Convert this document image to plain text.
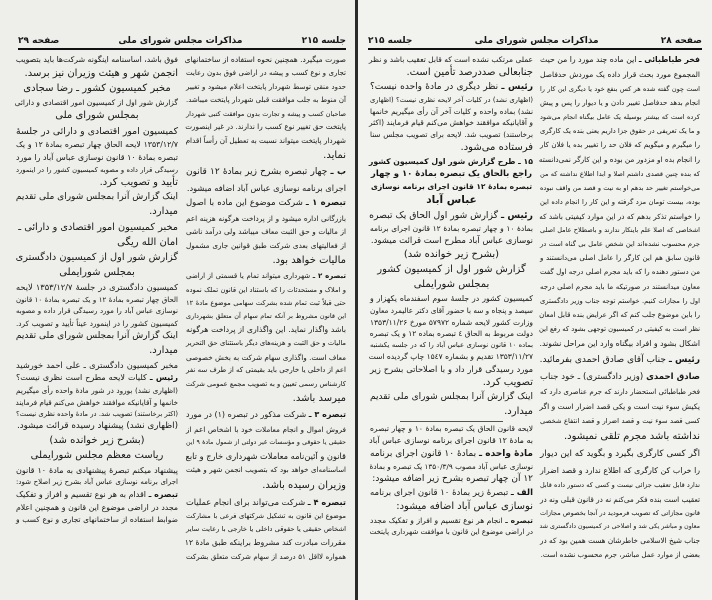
جلسه ۲۱۵
مذاکرات مجلس شورای ملی
صفحه ۲۹
صورت میگیرد. همچنین نحوه استفاده از ساختمانهای
تجاری و نوع کسب و پیشه در اراضی فوق بدون رعایت
حدود منقی توسط شهردار پایتخت اعلام میشود و تغییر
آن منوط به جلب موافقت قبلی شهردار پایتخت میباشد.
صاحبان کسب و پیشه و تجارت بدون موافقت کتبی شهردار
پایتخت حق تغییر نوع کسب را ندارند. در غیر اینصورت
شهردار پایتخت میتواند نسبت به تعطیل آن رأساً اقدام
نماید.
ب ـ چهار تبصره بشرح زیر بمادهٔ ۱۲ قانون
اجرای برنامه نوسازی عباس آباد اضافه میشود.
تبصره ۱ ـ شرکت موضوع این ماده با اصول
بازرگانی اداره میشود و از پرداخت هرگونه هزینه اعم
از مالیات و حق الثبت معاف میباشد ولی درآمد ناشی
از فعالیتهای بعدی شرکت طبق قوانین جاری مشمول
مالیات خواهد بود.
تبصره ۲ ـ شهرداری میتواند تمام یا قسمتی از اراضی
و املاک و مستحدثات را که باستناد این قانون تملک نموده
حتی قبلاً ثبت تمام شده بشرکت سهامی موضوع مادهٔ ۱۲
این قانون مشروط بر آنکه تمام سهام آن متعلق بشهرداری
باشد واگذار نماید. این واگذاری از پرداخت هرگونه
مالیات و حق الثبت و هزینه‌های دیگر باستثنای حق التحریر
معاف است. واگذاری سهام شرکت به بخش خصوصی
اعم از داخلی یا خارجی باید بقیمتی که از طرف سه نفر
کارشناس رسمی تعیین و به تصویب مجمع عمومی شرکت
میرسد باشد.
تبصره ۳ ـ شرکت مذکور در تبصره (۱) در مورد
فروش اموال و انجام معاملات خود با اشخاص اعم از
حقیقی یا حقوقی و مؤسسات غیر دولتی از شمول مادهٔ ۹ این
قانون و آئین‌نامه معاملات شهرداری خارج و تابع
اساسنامه‌ای خواهد بود که بتصویب انجمن شهر و هیئت
وزیران رسیده باشد.
تبصره ۴ ـ شرکت می‌تواند برای انجام عملیات
موضوع این قانون به تشکیل شرکتهای فرعی با مشارکت
اشخاص حقیقی یا حقوقی داخلی یا خارجی با رعایت سایر
مقررات مبادرت کند مشروط براینکه طبق مادهٔ ۱۲
همواره لااقل ۵۱ درصد از سهام شرکت متعلق بشرکت
فوق باشد، اساسنامه اینگونه شرکت‌ها باید بتصویب
انجمن شهر و هیئت وزیران نیز برسد.
مخبر کمیسیون کشور ـ رضا سجادی
گزارش شور اول از کمیسیون امور اقتصادی و دارائی
بمجلس شورای ملی
کمیسیون امور اقتصادی و دارائی در جلسهٔ
۱۳۵۳/۱۲/۷ لایحه الحاق چهار تبصره بمادهٔ ۱۲ و یک
تبصره بمادهٔ ۱۰ قانون نوسازی عباس آباد را مورد
رسیدگی قرار داده و مصوبه کمیسیون کشور را در اینمورد
تأیید و تصویب کرد.
اینک گزارش آنرا بمجلس شورای ملی تقدیم
میدارد.
مخبر کمیسیون امور اقتصادی و دارائی ـ
امان الله ریگی
گزارش شور اول از کمیسیون دادگستری
بمجلس شورایملی
کمیسیون دادگستری در جلسهٔ ۱۳۵۳/۱۲/۷ لایحه
الحاق چهار تبصره بمادهٔ ۱۲ و یک تبصره بمادهٔ ۱۰ قانون
نوسازی عباس آباد را مورد رسیدگی قرار داده و مصوبه
کمیسیون کشور را در اینمورد عیناً تأیید و تصویب کرد.
اینک گزارش آنرا بمجلس شورای ملی تقدیم
میدارد.
مخبر کمیسیون دادگستری ـ علی احمد خورشید
رئیس ـ کلیات لایحه مطرح است نظری نیست؟
(اظهاری نشد) بورود در شور مادهٔ واحده رأی میگیریم
خانمها و آقایانیکه موافقند خواهش می‌کنم قیام فرمایند
(اکثر برخاستند) تصویب شد. در مادهٔ واحده نظری نیست؟
(اظهاری نشد) پیشنهاد رسیده قرائت میشود.
(بشرح زیر خوانده شد)
ریاست معظم مجلس شورایملی
پیشنهاد میکنم تبصرهٔ پیشنهادی به مادهٔ ۱۰ قانون
اجرای برنامه نوسازی عباس آباد بشرح زیر اصلاح شود:
تبصره ـ اقدام به هر نوع تقسیم و افراز و تفکیک
مجدد در اراضی موضوع این قانون و همچنین اعلام
ضوابط استفاده از ساختمانهای تجاری و نوع کسب و
صفحه ۲۸
مذاکرات مجلس شورای ملی
جلسه ۲۱۵
فخر طباطبائی ـ این ماده چند مورد را من حیث
المجموع مورد بحث قرار داده یک موردش حدفاصل
است چون گفته شده هر کس بنفع خود یا دیگری این کار را
انجام بدهد حدفاصل تغییر دادن و یا دیوار را پس و پیش
کرده است که بیشتر بوسیله یک عامل بیگناه انجام می‌شود
و ما یک تعریفی در حقوق جزا داریم یعنی بنده یک کارگری
را میگیرم و میگویم که فلان حد را تغییر بده یا فلان کار
را انجام بده او مزدور من بوده و این کارگر نمی‌دانسته
که بنده چنین قصدی داشتم اصلا و ابدا اطلاع نداشته که من
می‌خواستم تغییر حد بدهم او به نیت و قصد من واقف نبوده
بوده، بیست تومان مزد گرفته و این کار را انجام داده این
را خواستم تذکر بدهم که در این موارد کیفیتی باشد که
اشخاصی که اصلا علم باینکار ندارند و باصطلاح عامل اصلی
جرم محسوب نشده‌اند این شخص عامل بی گناه است در
قانون سابق هم این کارگر را عامل اصلی می‌دانستند و
من دستور دهنده را که باید مجرم اصلی درجه اول گفت
معاون میدانستند در صورتیکه ما باید مجرم اصلی درجه
اول را مجازات کنیم. خواستم توجه جناب وزیر دادگستری
را باین موضوع جلب کنم که اگر عرایض بنده قابل امعان
نظر است به کیفیتی در کمیسیون توجهی بشود که رفع این
اشکال بشود و افراد بیگناه وارد این مراحل نشوند.
رئیس ـ جناب آقای صادق احمدی بفرمائید.
صادق احمدی (وزیر دادگستری) ـ خود جناب
فخر طباطبائی استحضار دارند که جرم عناصری دارد که
یکیش سوء نیت است و یکی قصد اضرار است و اگر
کسی قصد سوء نیت و قصد اضرار و قصد انتفاع شخصی
نداشته باشد مجرم تلقی نمیشود.
اگر کسی کارگری بگیرد و بگوید که این دیوار
را خراب کن کارگری که اطلاع ندارد و قصد اضرار
ندارد قابل تعقیب جزائی نیست و کسی که دستور داده قابل
تعقیب است بنده فکر می‌کنم نه در قانون قبلی ونه در
قانون مجازاتی که تصویب فرمودید در آنجا بخصوص مجازات
معاون و مباشر یکی شد و اصلاحی در کمیسیون دادگستری شد
جناب شیخ الاسلامی خاطرشان هست همین بود که در
بعضی از موارد عمل مباشر، جرم محسوب نشده است.
عملی مرتکب نشده است که قابل تعقیب باشد و نظر
جنابعالی صددرصد تأمین است.
رئیس ـ نظر دیگری در مادهٔ واحده نیست؟
(اظهاری نشد) در کلیات آخر لایحه نظری نیست؟ (اظهاری
نشد) بماده واحده و کلیات آخر آن رأی میگیریم خانمها
و آقایانیکه موافقند خواهش می‌کنم قیام فرمایند (اکثر
برخاستند) تصویب شد. لایحه برای تصویب مجلس سنا
فرستاده می‌شود.
۱۵ ـ طرح گزارش شور اول کمیسیون کشور
راجع بالحاق یک تبصره بمادهٔ ۱۰ و چهار
تبصره بمادهٔ ۱۲ قانون اجرای برنامه نوسازی
عباس آباد
رئیس ـ گزارش شور اول الحاق یک تبصره
بمادهٔ ۱۰ و چهار تبصره بمادهٔ ۱۲ قانون اجرای برنامه
نوسازی عباس آباد مطرح است قرائت میشود.
(بشرح زیر خوانده شد)
گزارش شور اول از کمیسیون کشور
بمجلس شورایملی
کمیسیون کشور در جلسهٔ سوم اسفندماه یکهزار و
سیصد و پنجاه و سه با حضور آقای دکتر عالیمرد معاون
وزارت کشور لایحه شماره ۵۷۹۷۲ مورخ ۱۳۵۳/۱۱/۲۶
دولت مربوط به الحاق ٤ تبصره بماده ۱۲ و یک تبصره
بماده ۱۰ قانون نوسازی عباس آباد را که در جلسه یکشنبه
۱۳۵۳/۱۱/۲۷ تقدیم و بشماره ۱۵٤۷ چاپ گردیده است
مورد رسیدگی قرار داد و با اصلاحاتی بشرح زیر
تصویب کرد.
اینک گزارش آنرا بمجلس شورای ملی تقدیم
میدارد.
لایحه قانون الحاق یک تبصره بمادهٔ ۱۰ و چهار تبصره
به مادهٔ ۱۲ قانون اجرای برنامه نوسازی عباس آباد
مادهٔ واحده ـ بمادهٔ ۱۰ قانون اجرای برنامه
نوسازی عباس آباد مصوب ۱۳۵۰/۳/۹ یک تبصره و بمادهٔ
۱۲ آن چهار تبصره بشرح زیر اضافه میشود:
الف ـ تبصرهٔ زیر بمادهٔ ۱۰ قانون اجرای برنامه
نوسازی عباس آباد اضافه میشود:
تبصره ـ انجام هر نوع تقسیم و افراز و تفکیک مجدد
در اراضی موضوع این قانون با موافقت شهرداری پایتخت
